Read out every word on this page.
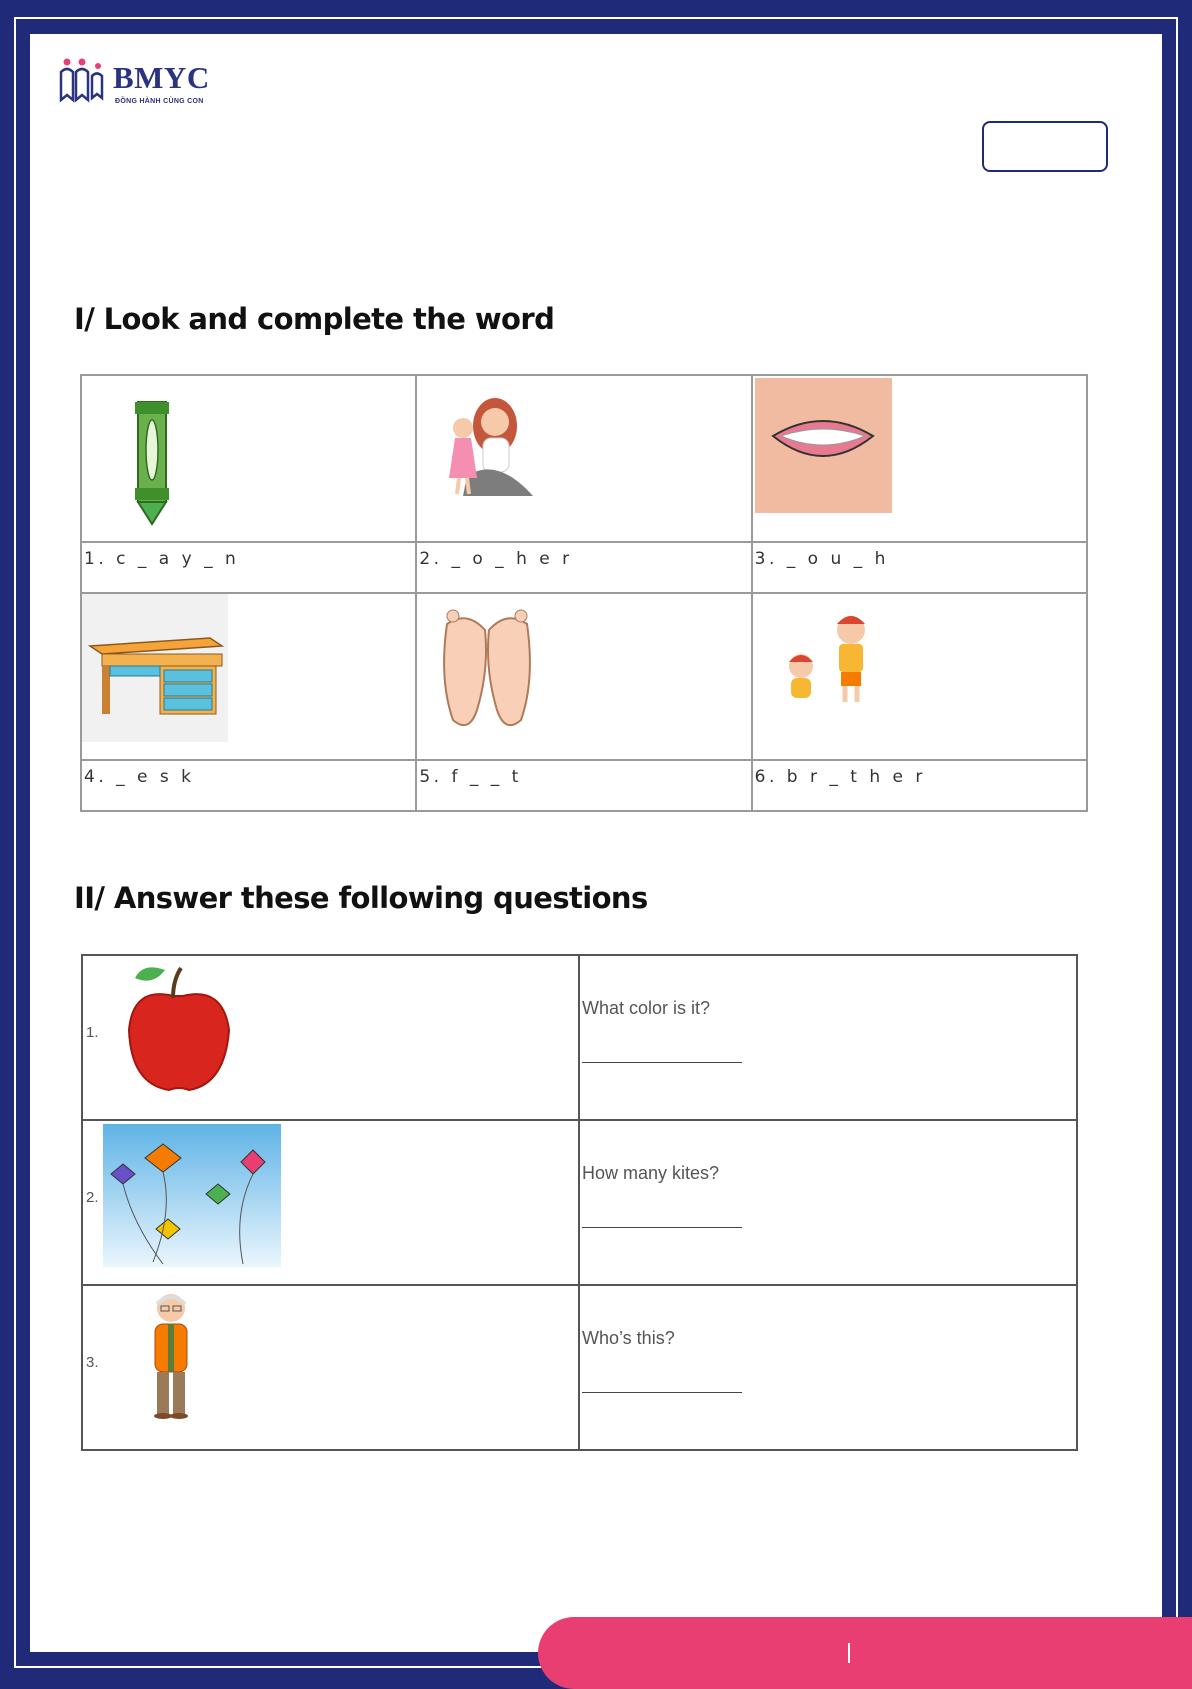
BMYC
ĐỒNG HÀNH CÙNG CON
I/ Look and complete the word

1. c _ a y _ n	2. _ o _ h e r	3. _ o u _ h

4. _ e s k	5. f _ _ t	6. b r _ t h e r
II/ Answer these following questions
1.	What color is it?

2.	How many kites?

3.	Who’s this?
